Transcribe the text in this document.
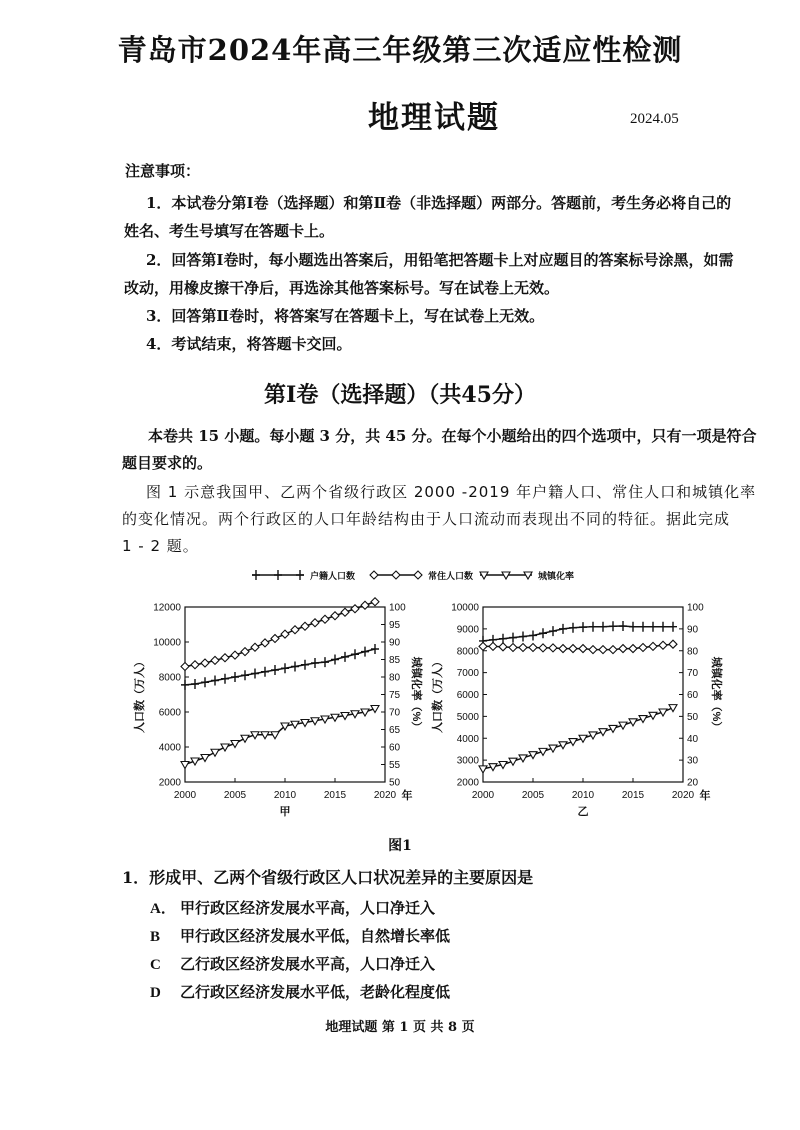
青岛市2024年高三年级第三次适应性检测
地理试题	2024.05
注意事项：
1．本试卷分第Ⅰ卷（选择题）和第Ⅱ卷（非选择题）两部分。答题前，考生务必将自己的
姓名、考生号填写在答题卡上。
2．回答第Ⅰ卷时，每小题选出答案后，用铅笔把答题卡上对应题目的答案标号涂黑，如需
改动，用橡皮擦干净后，再选涂其他答案标号。写在试卷上无效。
3．回答第Ⅱ卷时，将答案写在答题卡上，写在试卷上无效。
4．考试结束，将答题卡交回。
第Ⅰ卷（选择题）（共45分）
本卷共 15 小题。每小题 3 分，共 45 分。在每个小题给出的四个选项中，只有一项是符合
题目要求的。
图 1 示意我国甲、乙两个省级行政区 2000 -2019 年户籍人口、常住人口和城镇化率
的变化情况。两个行政区的人口年龄结构由于人口流动而表现出不同的特征。据此完成
1 - 2 题。
户籍人口数	常住人口数	城镇化率
2000	2005	2010	2015	2020 年
甲
2000
4000
6000
8000
10000
12000
50
55
60
65
70
75
80
85
90
95
100
人口数（万人）	城镇化率（%）
2000	2005	2010	2015	2020 年
乙
2000
3000
4000
5000
6000
7000
8000
9000
10000
20
30
40
50
60
70
80
90
100
人口数（万人）	城镇化率（%）
图1
1．形成甲、乙两个省级行政区人口状况差异的主要原因是
A． 甲行政区经济发展水平高，人口净迁入
B 甲行政区经济发展水平低，自然增长率低
C 乙行政区经济发展水平高，人口净迁入
D 乙行政区经济发展水平低，老龄化程度低
地理试题 第 1 页 共 8 页
